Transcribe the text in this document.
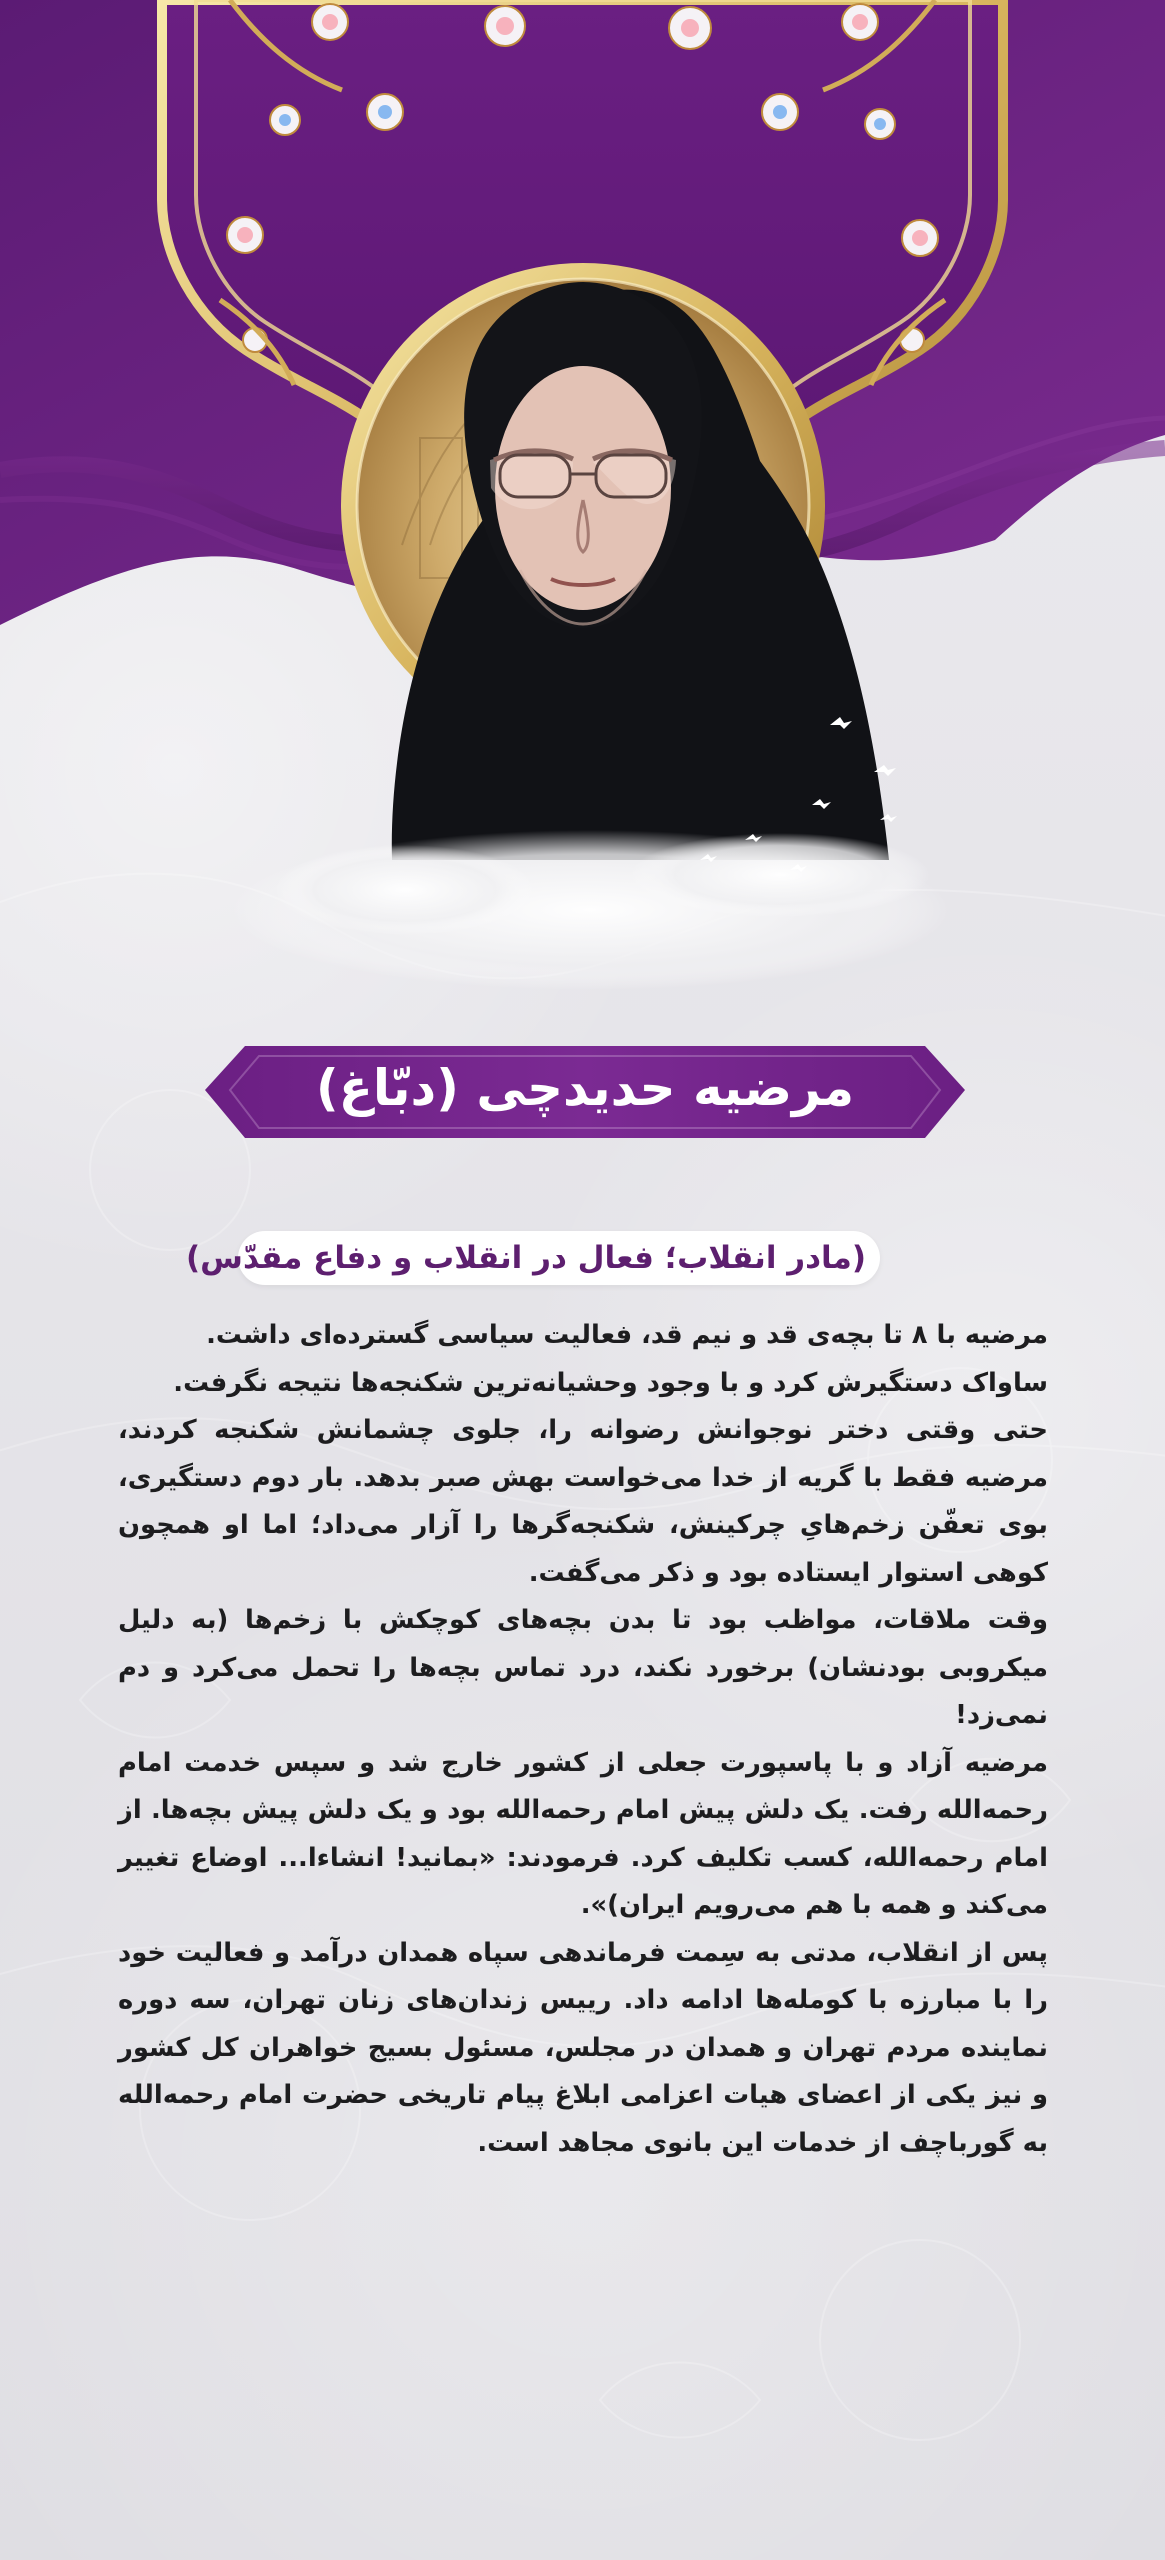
مرضیه حدیدچی (دبّاغ)
(مادر انقلاب؛ فعال در انقلاب و دفاع مقدّس)

مرضیه با ۸ تا بچه‌ی قد و نیم قد، فعالیت سیاسی گسترده‌ای داشت.

ساواک دستگیرش کرد و با وجود وحشیانه‌ترین شکنجه‌ها نتیجه نگرفت.

حتی وقتی دختر نوجوانش رضوانه را، جلوی چشمانش شکنجه کردند، مرضیه فقط با گریه از خدا می‌خواست بهش صبر بدهد. بار دوم دستگیری، بوی تعفّن زخم‌هایِ چرکینش، شکنجه‌گرها را آزار می‌داد؛ اما او همچون کوهی استوار ایستاده بود و ذکر می‌گفت.

وقت ملاقات، مواظب بود تا بدن بچه‌های کوچکش با زخم‌ها (به دلیل میکروبی بودنشان) برخورد نکند، درد تماس بچه‌ها را تحمل می‌کرد و دم نمی‌زد!

مرضیه آزاد و با پاسپورت جعلی از کشور خارج شد و سپس خدمت امام رحمه‌الله رفت. یک دلش پیش امام رحمه‌الله بود و یک دلش پیش بچه‌ها. از امام رحمه‌الله، کسب تکلیف کرد. فرمودند: «بمانید! انشاءا... اوضاع تغییر می‌کند و همه با هم می‌رویم ایران)».

پس از انقلاب، مدتی به سِمت فرماندهی سپاه همدان درآمد و فعالیت خود را با مبارزه با کومله‌ها ادامه داد. رییس زندان‌های زنان تهران، سه دوره نماینده مردم تهران و همدان در مجلس، مسئول بسیج خواهران کل کشور و نیز یکی از اعضای هیات اعزامی ابلاغ پیام تاریخی حضرت امام رحمه‌الله به گورباچف از خدمات این بانوی مجاهد است.
